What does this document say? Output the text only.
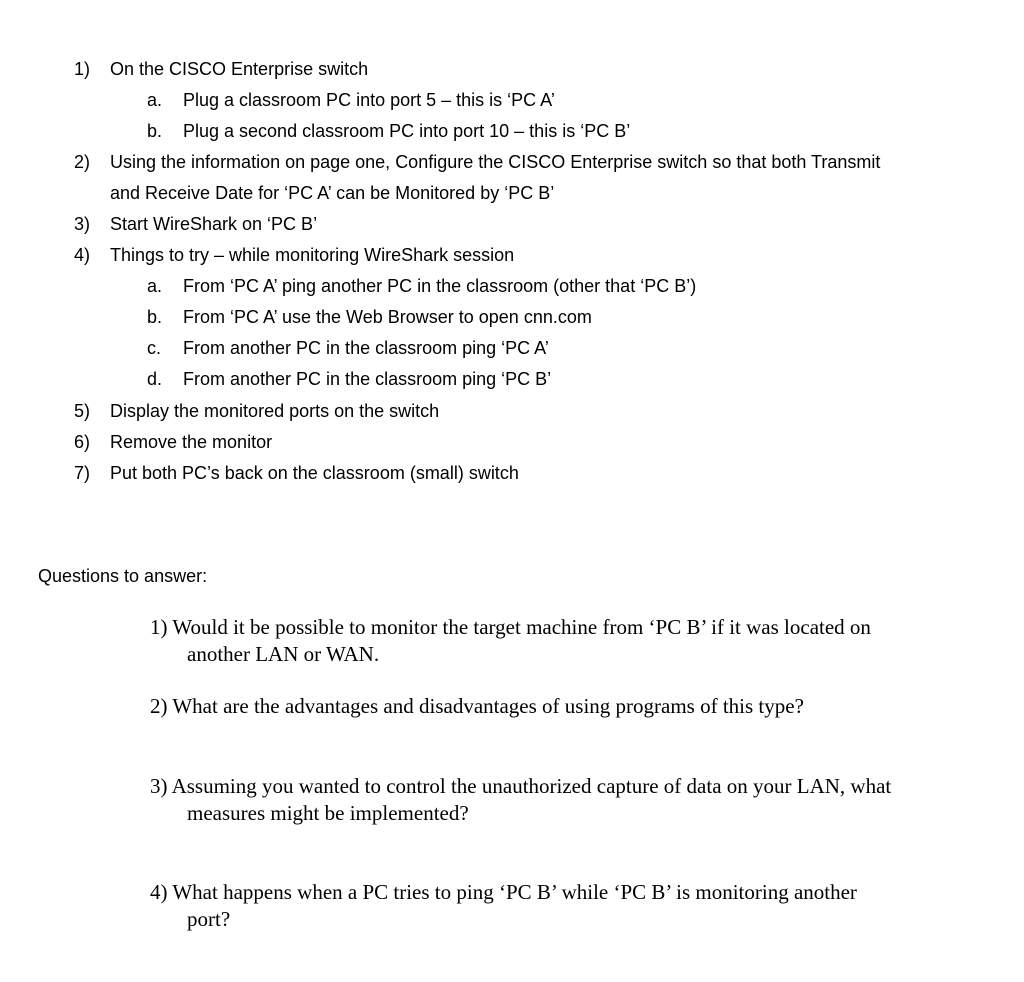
1)	On the CISCO Enterprise switch
a.	Plug a classroom PC into port 5 – this is ‘PC A’
b.	Plug a second classroom PC into port 10 – this is ‘PC B’
2)	Using the information on page one, Configure the CISCO Enterprise switch so that both Transmit
and Receive Date for ‘PC A’ can be Monitored by ‘PC B’
3)	Start WireShark on ‘PC B’
4)	Things to try – while monitoring WireShark session
a.	From ‘PC A’ ping another PC in the classroom (other that ‘PC B’)
b.	From ‘PC A’ use the Web Browser to open cnn.com
c.	From another PC in the classroom ping ‘PC A’
d.	From another PC in the classroom ping ‘PC B’
5)	Display the monitored ports on the switch
6)	Remove the monitor
7)	Put both PC’s back on the classroom (small) switch
Questions to answer:
1) Would it be possible to monitor the target machine from ‘PC B’ if it was located on
another LAN or WAN.
2) What are the advantages and disadvantages of using programs of this type?
3) Assuming you wanted to control the unauthorized capture of data on your LAN, what
measures might be implemented?
4) What happens when a PC tries to ping ‘PC B’ while ‘PC B’ is monitoring another
port?
